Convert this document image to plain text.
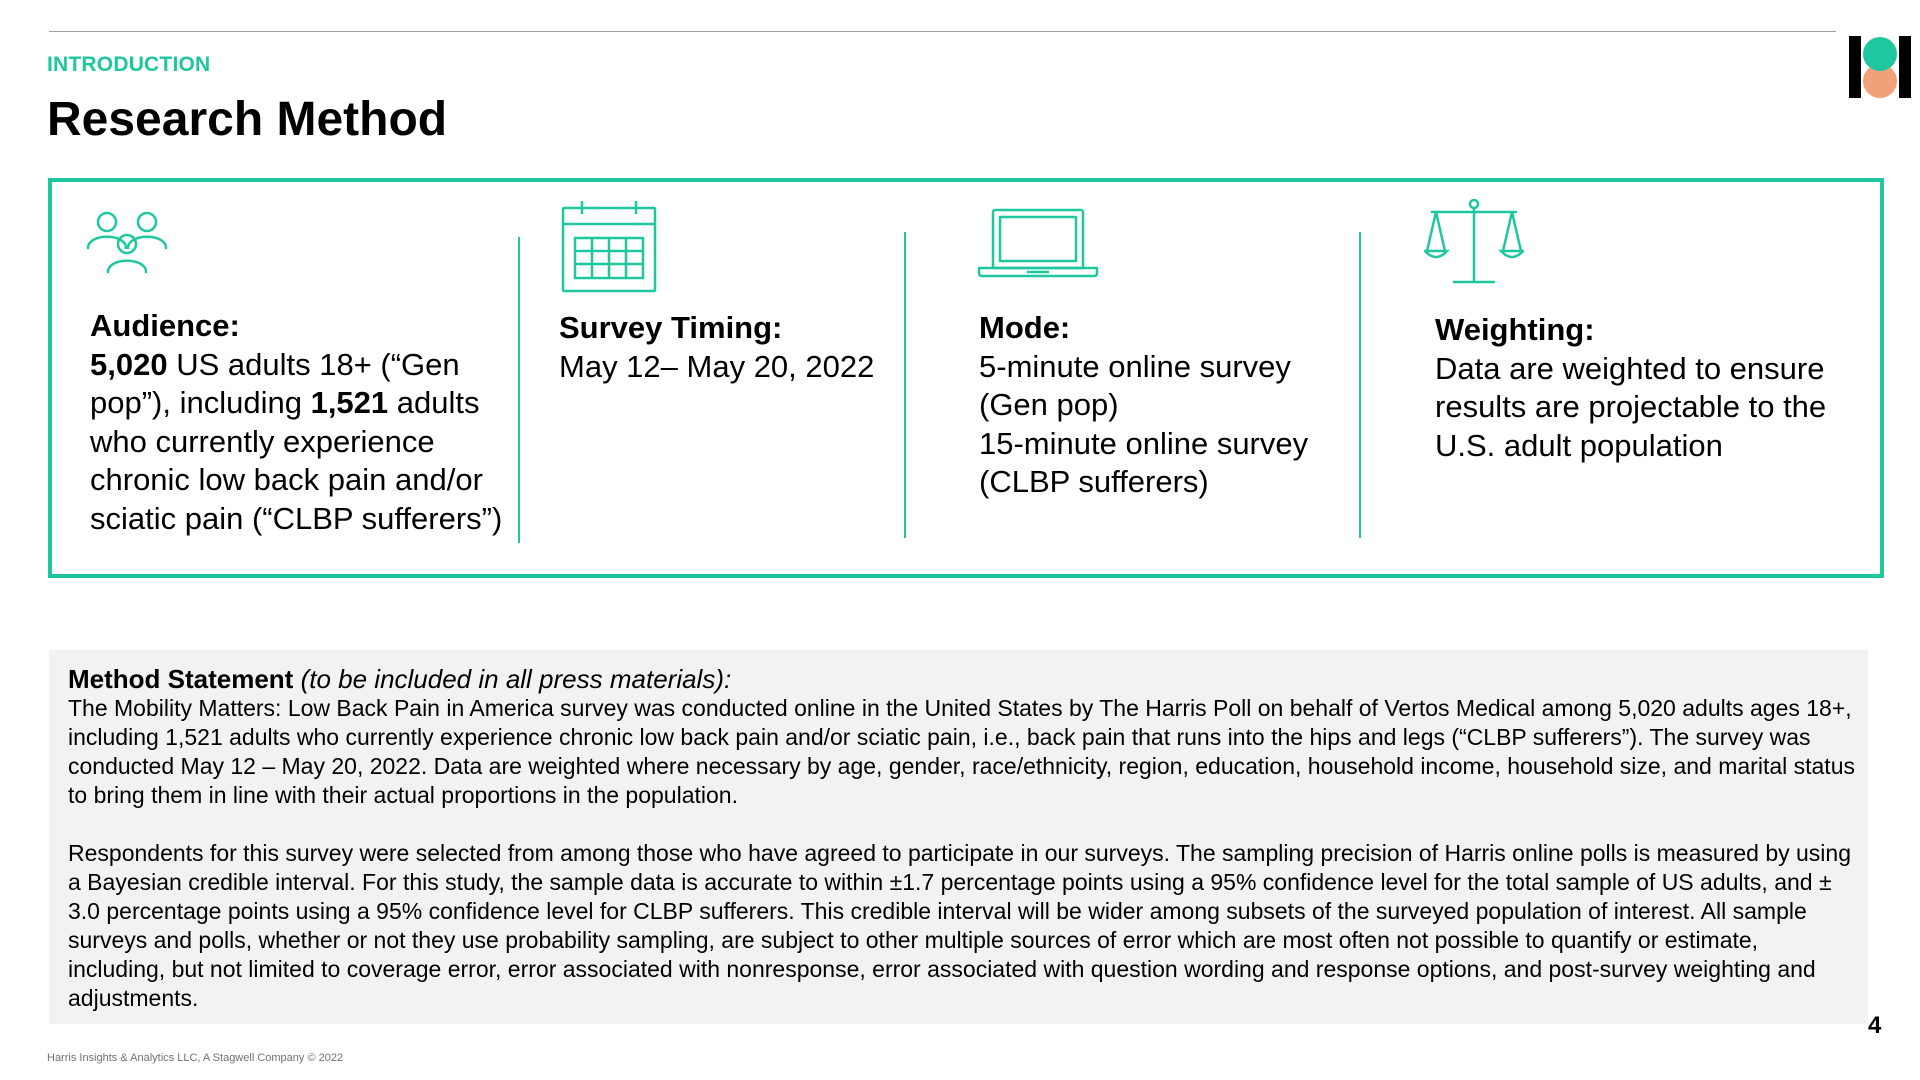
INTRODUCTION
Research Method
Audience:
5,020 US adults 18+ (“Gen pop”), including 1,521 adults who currently experience chronic low back pain and/or sciatic pain (“CLBP sufferers”)
Survey Timing:
May 12– May 20, 2022
Mode:
5-minute online survey (Gen pop)
15-minute online survey (CLBP sufferers)
Weighting:
Data are weighted to ensure results are projectable to the U.S. adult population
Method Statement (to be included in all press materials):

The Mobility Matters: Low Back Pain in America survey was conducted online in the United States by The Harris Poll on behalf of Vertos Medical among 5,020 adults ages 18+, including 1,521 adults who currently experience chronic low back pain and/or sciatic pain, i.e., back pain that runs into the hips and legs (“CLBP sufferers”). The survey was conducted May 12 – May 20, 2022. Data are weighted where necessary by age, gender, race/ethnicity, region, education, household income, household size, and marital status to bring them in line with their actual proportions in the population.

Respondents for this survey were selected from among those who have agreed to participate in our surveys. The sampling precision of Harris online polls is measured by using a Bayesian credible interval. For this study, the sample data is accurate to within ±1.7 percentage points using a 95% confidence level for the total sample of US adults, and ± 3.0 percentage points using a 95% confidence level for CLBP sufferers. This credible interval will be wider among subsets of the surveyed population of interest. All sample surveys and polls, whether or not they use probability sampling, are subject to other multiple sources of error which are most often not possible to quantify or estimate, including, but not limited to coverage error, error associated with nonresponse, error associated with question wording and response options, and post-survey weighting and adjustments.

4
Harris Insights & Analytics LLC, A Stagwell Company © 2022
